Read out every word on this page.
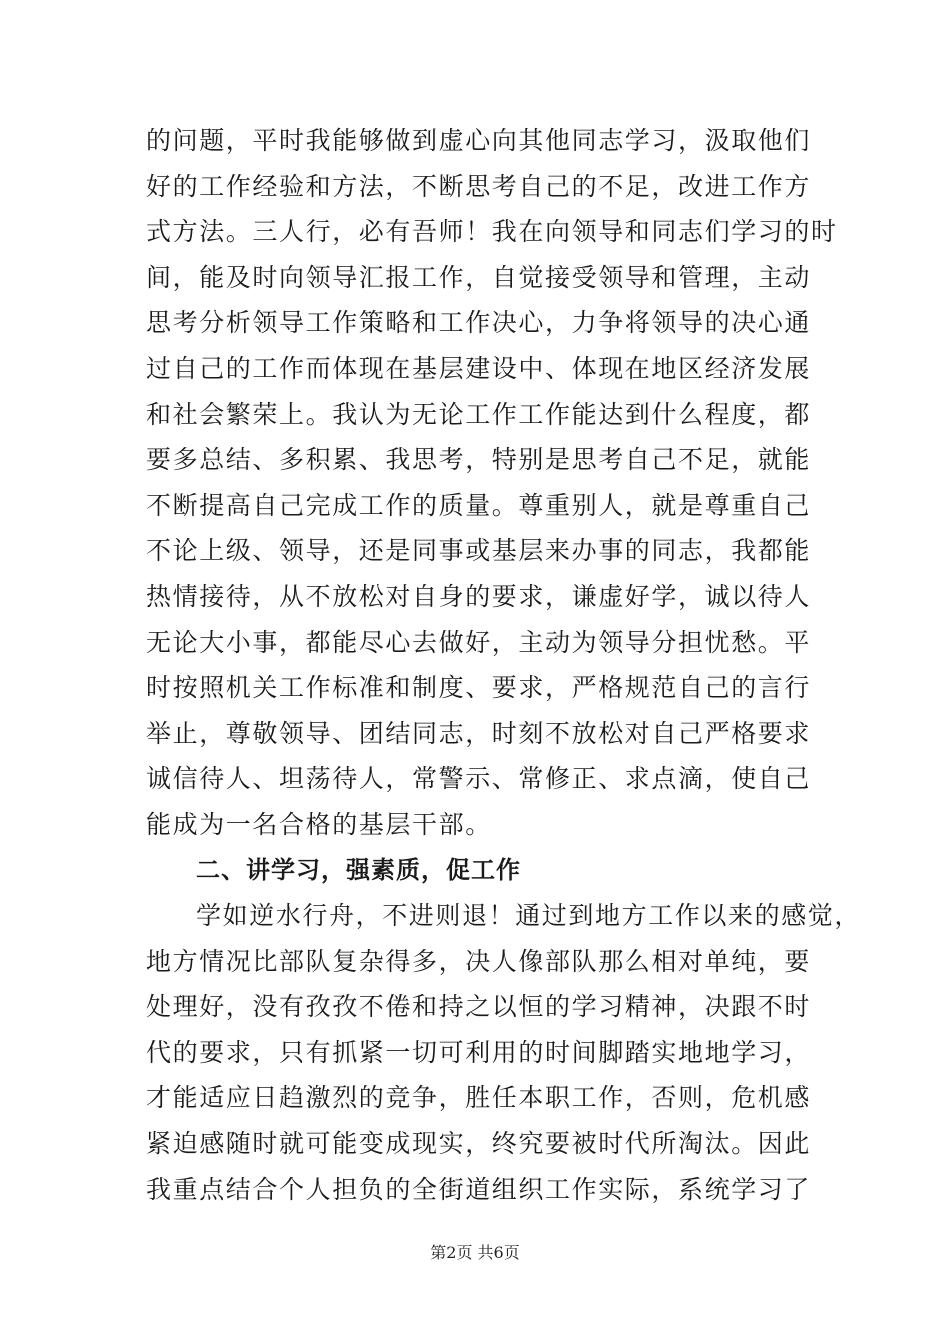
的问题，平时我能够做到虚心向其他同志学习，汲取他们
好的工作经验和方法，不断思考自己的不足，改进工作方
式方法。三人行，必有吾师！我在向领导和同志们学习的时
间，能及时向领导汇报工作，自觉接受领导和管理，主动
思考分析领导工作策略和工作决心，力争将领导的决心通
过自己的工作而体现在基层建设中、体现在地区经济发展
和社会繁荣上。我认为无论工作工作能达到什么程度，都
要多总结、多积累、我思考，特别是思考自己不足，就能
不断提高自己完成工作的质量。尊重别人，就是尊重自己
不论上级、领导，还是同事或基层来办事的同志，我都能
热情接待，从不放松对自身的要求，谦虚好学，诚以待人
无论大小事，都能尽心去做好，主动为领导分担忧愁。平
时按照机关工作标准和制度、要求，严格规范自己的言行
举止，尊敬领导、团结同志，时刻不放松对自己严格要求
诚信待人、坦荡待人，常警示、常修正、求点滴，使自己
能成为一名合格的基层干部。
二、讲学习，强素质，促工作
学如逆水行舟，不进则退！通过到地方工作以来的感觉，
地方情况比部队复杂得多，决人像部队那么相对单纯，要
处理好，没有孜孜不倦和持之以恒的学习精神，决跟不时
代的要求，只有抓紧一切可利用的时间脚踏实地地学习，
才能适应日趋激烈的竞争，胜任本职工作，否则，危机感
紧迫感随时就可能变成现实，终究要被时代所淘汰。因此
我重点结合个人担负的全街道组织工作实际，系统学习了
第2页 共6页
